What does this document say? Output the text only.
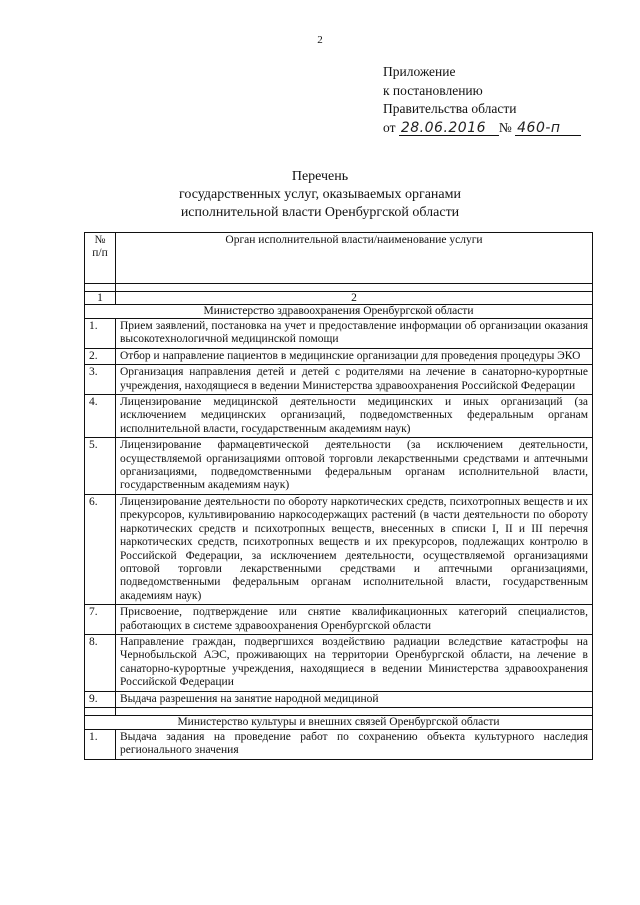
2
Приложение
к постановлению
Правительства области
от 28.06.2016 № 460-п
Перечень
государственных услуг, оказываемых органами
исполнительной власти Оренбургской области
№ п/п	Орган исполнительной власти/наименование услуги

1	2
Министерство здравоохранения Оренбургской области	
1.	Прием заявлений, постановка на учет и предоставление информации об организации оказания высокотехнологичной медицинской помощи
2.	Отбор и направление пациентов в медицинские организации для проведения процедуры ЭКО
3.	Организация направления детей и детей с родителями на лечение в санаторно-курортные учреждения, находящиеся в ведении Министерства здравоохранения Российской Федерации
4.	Лицензирование медицинской деятельности медицинских и иных организаций (за исключением медицинских организаций, подведомственных федеральным органам исполнительной власти, государственным академиям наук)
5.	Лицензирование фармацевтической деятельности (за исключением деятельности, осуществляемой организациями оптовой торговли лекарственными средствами и аптечными организациями, подведомственными федеральным органам исполнительной власти, государственным академиям наук)
6.	Лицензирование деятельности по обороту наркотических средств, психотропных веществ и их прекурсоров, культивированию наркосодержащих растений (в части деятельности по обороту наркотических средств и психотропных веществ, внесенных в списки I, II и III перечня наркотических средств, психотропных веществ и их прекурсоров, подлежащих контролю в Российской Федерации, за исключением деятельности, осуществляемой организациями оптовой торговли лекарственными средствами и аптечными организациями, подведомственными федеральным органам исполнительной власти, государственным академиям наук)
7.	Присвоение, подтверждение или снятие квалификационных категорий специалистов, работающих в системе здравоохранения Оренбургской области
8.	Направление граждан, подвергшихся воздействию радиации вследствие катастрофы на Чернобыльской АЭС, проживающих на территории Оренбургской области, на лечение в санаторно-курортные учреждения, находящиеся в ведении Министерства здравоохранения Российской Федерации
9.	Выдача разрешения на занятие народной медициной

Министерство культуры и внешних связей Оренбургской области	
1.	Выдача задания на проведение работ по сохранению объекта культурного наследия регионального значения
